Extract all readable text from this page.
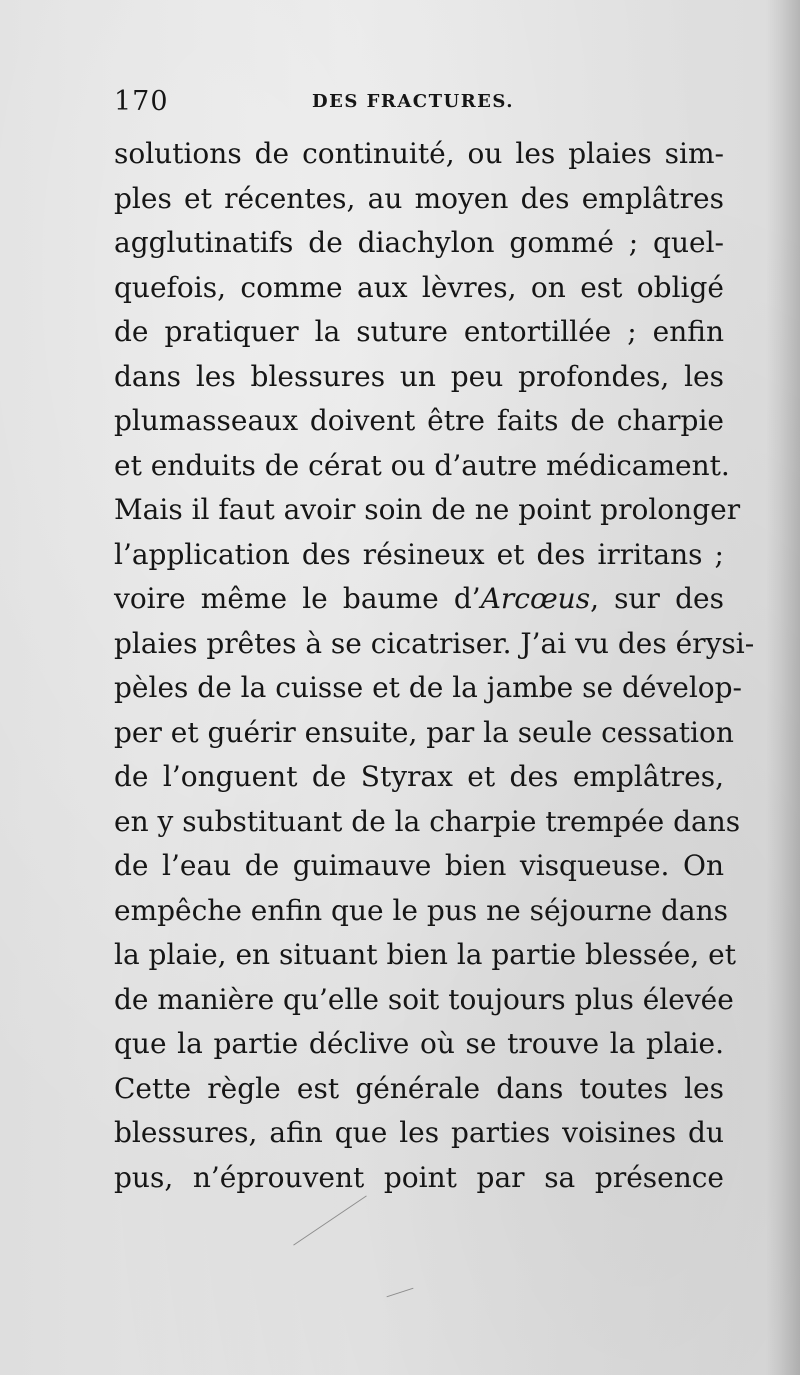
170	DES FRACTURES.
solutions de continuité, ou les plaies sim-
ples et récentes, au moyen des emplâtres
agglutinatifs de diachylon gommé ; quel-
quefois, comme aux lèvres, on est obligé
de pratiquer la suture entortillée ; enfin
dans les blessures un peu profondes, les
plumasseaux doivent être faits de charpie
et enduits de cérat ou d’autre médicament.
Mais il faut avoir soin de ne point prolonger
l’application des résineux et des irritans ;
voire même le baume d’Arcœus, sur des
plaies prêtes à se cicatriser. J’ai vu des érysi-
pèles de la cuisse et de la jambe se dévelop-
per et guérir ensuite, par la seule cessation
de l’onguent de Styrax et des emplâtres,
en y substituant de la charpie trempée dans
de l’eau de guimauve bien visqueuse. On
empêche enfin que le pus ne séjourne dans
la plaie, en situant bien la partie blessée, et
de manière qu’elle soit toujours plus élevée
que la partie déclive où se trouve la plaie.
Cette règle est générale dans toutes les
blessures, afin que les parties voisines du
pus, n’éprouvent point par sa présence
